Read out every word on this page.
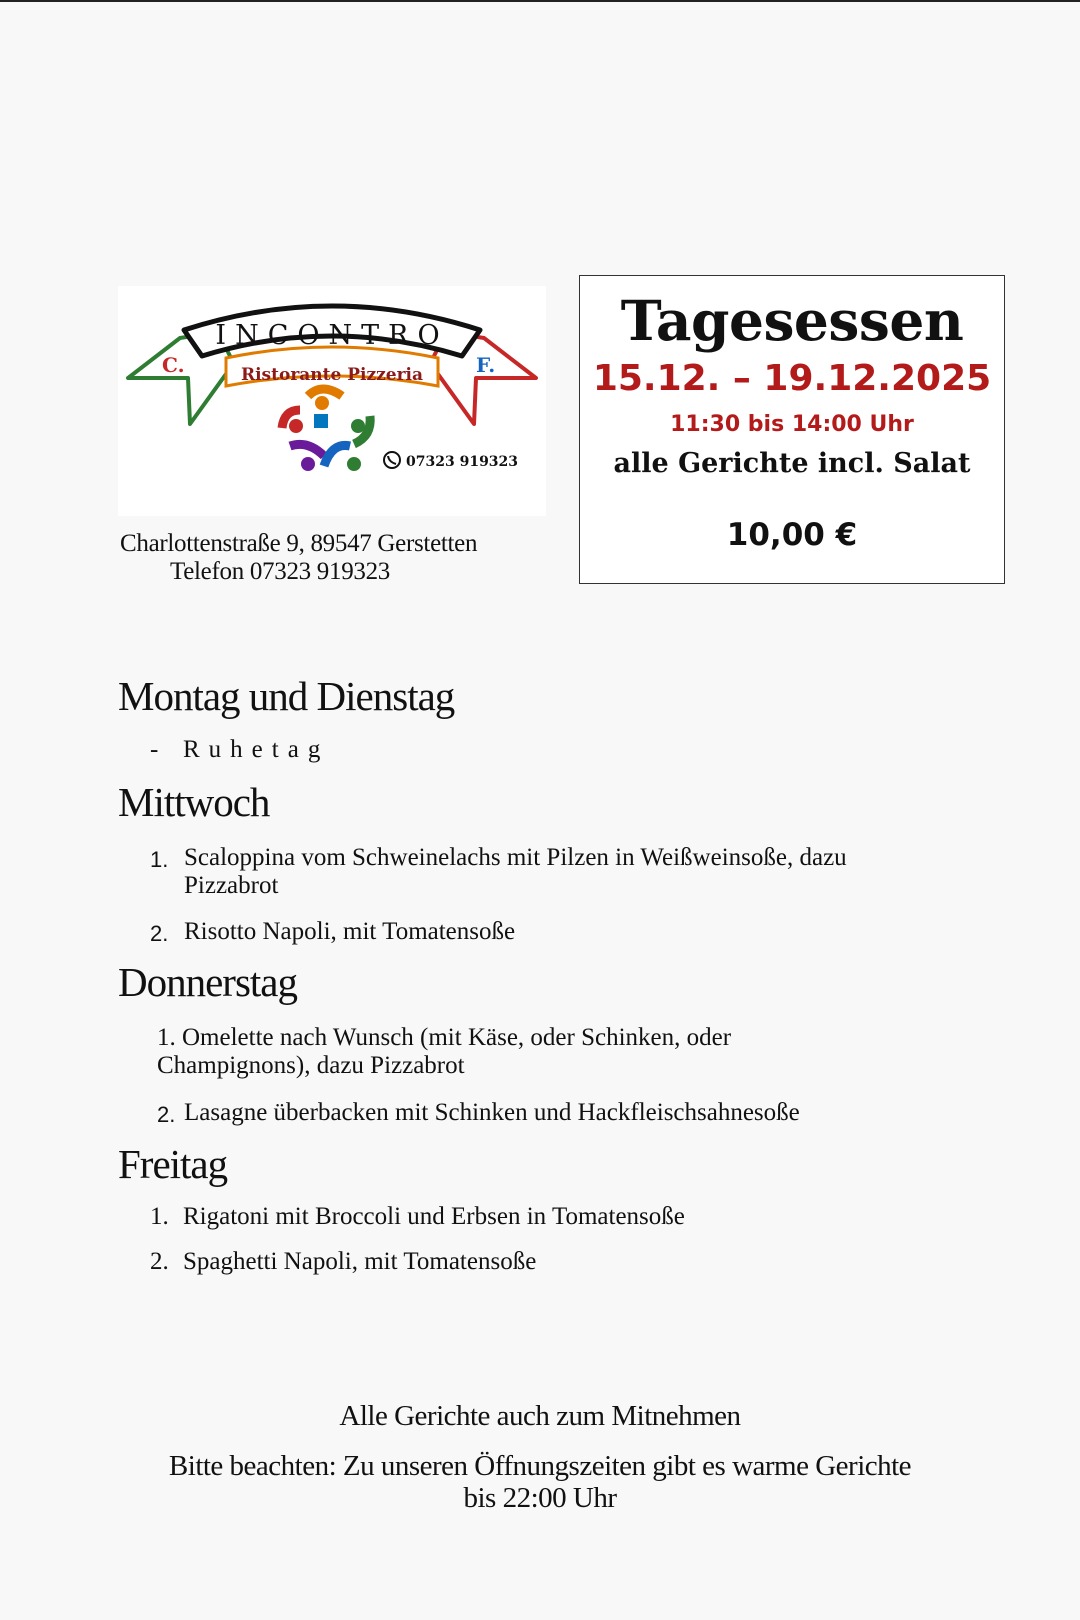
C.	F.
INCONTRO
Ristorante Pizzeria
07323 919323
Charlottenstraße 9, 89547 Gerstetten
Telefon 07323 919323
Tagesessen
15.12. – 19.12.2025
11:30 bis 14:00 Uhr
alle Gerichte incl. Salat
10,00 €
Montag und Dienstag
- Ruhetag
Mittwoch
1. Scaloppina vom Schweinelachs mit Pilzen in Weißweinsoße, dazu
Pizzabrot
2. Risotto Napoli, mit Tomatensoße
Donnerstag
1. Omelette nach Wunsch (mit Käse, oder Schinken, oder
Champignons), dazu Pizzabrot
2. Lasagne überbacken mit Schinken und Hackfleischsahnesoße
Freitag
1. Rigatoni mit Broccoli und Erbsen in Tomatensoße
2. Spaghetti Napoli, mit Tomatensoße
Alle Gerichte auch zum Mitnehmen
Bitte beachten: Zu unseren Öffnungszeiten gibt es warme Gerichte
bis 22:00 Uhr
